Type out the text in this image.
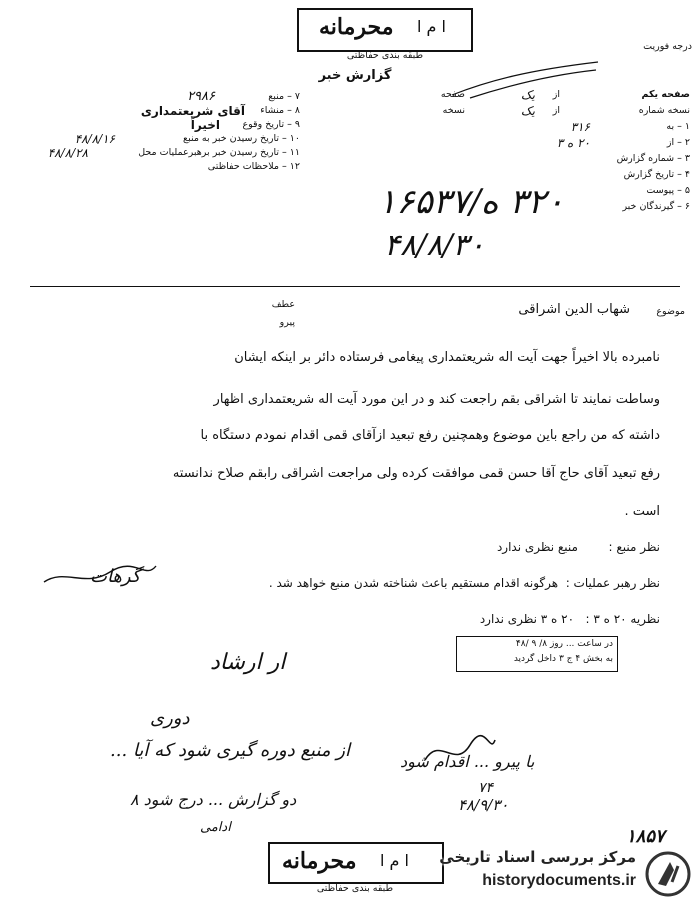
محرمانه ا م ا
طبقه بندی حفاظتی
درجه فوریت
گزارش خبر
۷ – منبع
۲۹۸۶
۸ – منشاء
آقای شریعتمداری
۹ – تاریخ وقوع
اخیراً
۱۰ – تاریخ رسیدن خبر به منبع
۴۸/۸/۱۶
۱۱ – تاریخ رسیدن خبر برهبرعملیات محل
۴۸/۸/۲۸
۱۲ – ملاحظات حفاظتی
صفحه یکم
از
یک
صفحه
نسخه شماره
از
یک
نسخه
۱ – به
۳۱۶
۲ – از
۲۰ ه ۳
۳ – شماره گزارش
۴ – تاریخ گزارش
۵ – پیوست
۶ – گیرندگان خبر
۳۲۰ ه/۱۶۵۳۷
۴۸/۸/۳۰
عطف
پیرو
موضوع
شهاب الدین اشراقی
نامبرده بالا اخیراً جهت آیت اله شریعتمداری پیغامی فرستاده دائر بر اینکه ایشان
وساطت نمایند تا اشراقی بقم راجعت کند و در این مورد آیت اله شریعتمداری اظهار
داشته که من راجع باین موضوع وهمچنین رفع تبعید ازآقای قمی اقدام نمودم دستگاه با
رفع تبعید آقای حاج آقا حسن قمی موافقت کرده ولی مراجعت اشراقی رابقم صلاح ندانسته
است .
نظر منبع :        منبع نظری ندارد
نظر رهبر عملیات :  هرگونه اقدام مستقیم باعث شناخته شدن منبع خواهد شد .
گرهات
نظریه ۲۰ ه ۳ :   ۲۰ ه ۳ نظری ندارد
در ساعت ... روز ۸/ ۹ /۴۸
به بخش ۴ ج ۳ داخل گردید
ار ارشاد
دوری
از منبع دوره گیری شود که آیا ...
دو گزارش ... درج شود ۸
ادامی
با پیرو ... اقدام شود
۷۴
۴۸/۹/۳۰
۱۸۵۷
محرمانه ا م ا
طبقه بندی حفاظتی
مرکز بررسی اسناد تاریخی
historydocuments.ir
